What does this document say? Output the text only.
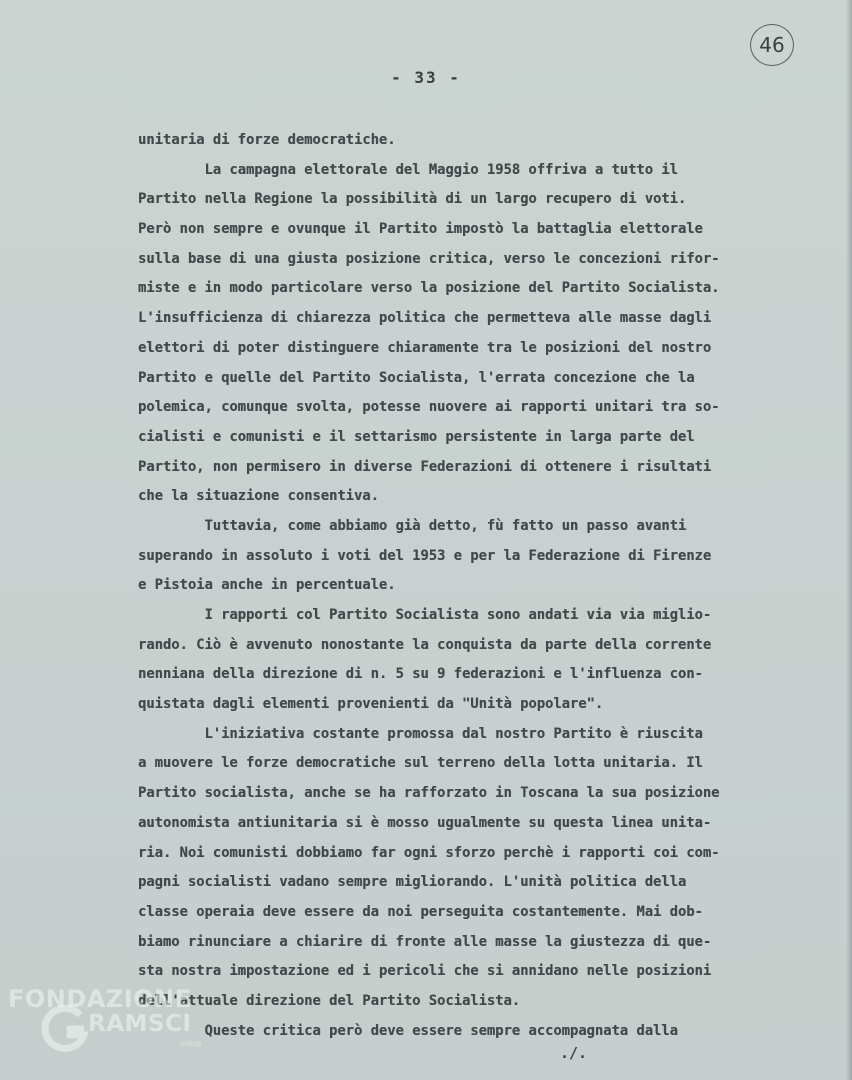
46
- 33 -
unitaria di forze democratiche.
La campagna elettorale del Maggio 1958 offriva a tutto il
Partito nella Regione la possibilità di un largo recupero di voti.
Però non sempre e ovunque il Partito impostò la battaglia elettorale
sulla base di una giusta posizione critica, verso le concezioni rifor-
miste e in modo particolare verso la posizione del Partito Socialista.
L'insufficienza di chiarezza politica che permetteva alle masse dagli
elettori di poter distinguere chiaramente tra le posizioni del nostro
Partito e quelle del Partito Socialista, l'errata concezione che la
polemica, comunque svolta, potesse nuovere ai rapporti unitari tra so-
cialisti e comunisti e il settarismo persistente in larga parte del
Partito, non permisero in diverse Federazioni di ottenere i risultati
che la situazione consentiva.
Tuttavia, come abbiamo già detto, fù fatto un passo avanti
superando in assoluto i voti del 1953 e per la Federazione di Firenze
e Pistoia anche in percentuale.
I rapporti col Partito Socialista sono andati via via miglio-
rando. Ciò è avvenuto nonostante la conquista da parte della corrente
nenniana della direzione di n. 5 su 9 federazioni e l'influenza con-
quistata dagli elementi provenienti da "Unità popolare".
L'iniziativa costante promossa dal nostro Partito è riuscita
a muovere le forze democratiche sul terreno della lotta unitaria. Il
Partito socialista, anche se ha rafforzato in Toscana la sua posizione
autonomista antiunitaria si è mosso ugualmente su questa linea unita-
ria. Noi comunisti dobbiamo far ogni sforzo perchè i rapporti coi com-
pagni socialisti vadano sempre migliorando. L'unità politica della
classe operaia deve essere da noi perseguita costantemente. Mai dob-
biamo rinunciare a chiarire di fronte alle masse la giustezza di que-
sta nostra impostazione ed i pericoli che si annidano nelle posizioni
dell'attuale direzione del Partito Socialista.
Queste critica però deve essere sempre accompagnata dalla
./.
FONDAZIONE
RAMSCI
onlus
